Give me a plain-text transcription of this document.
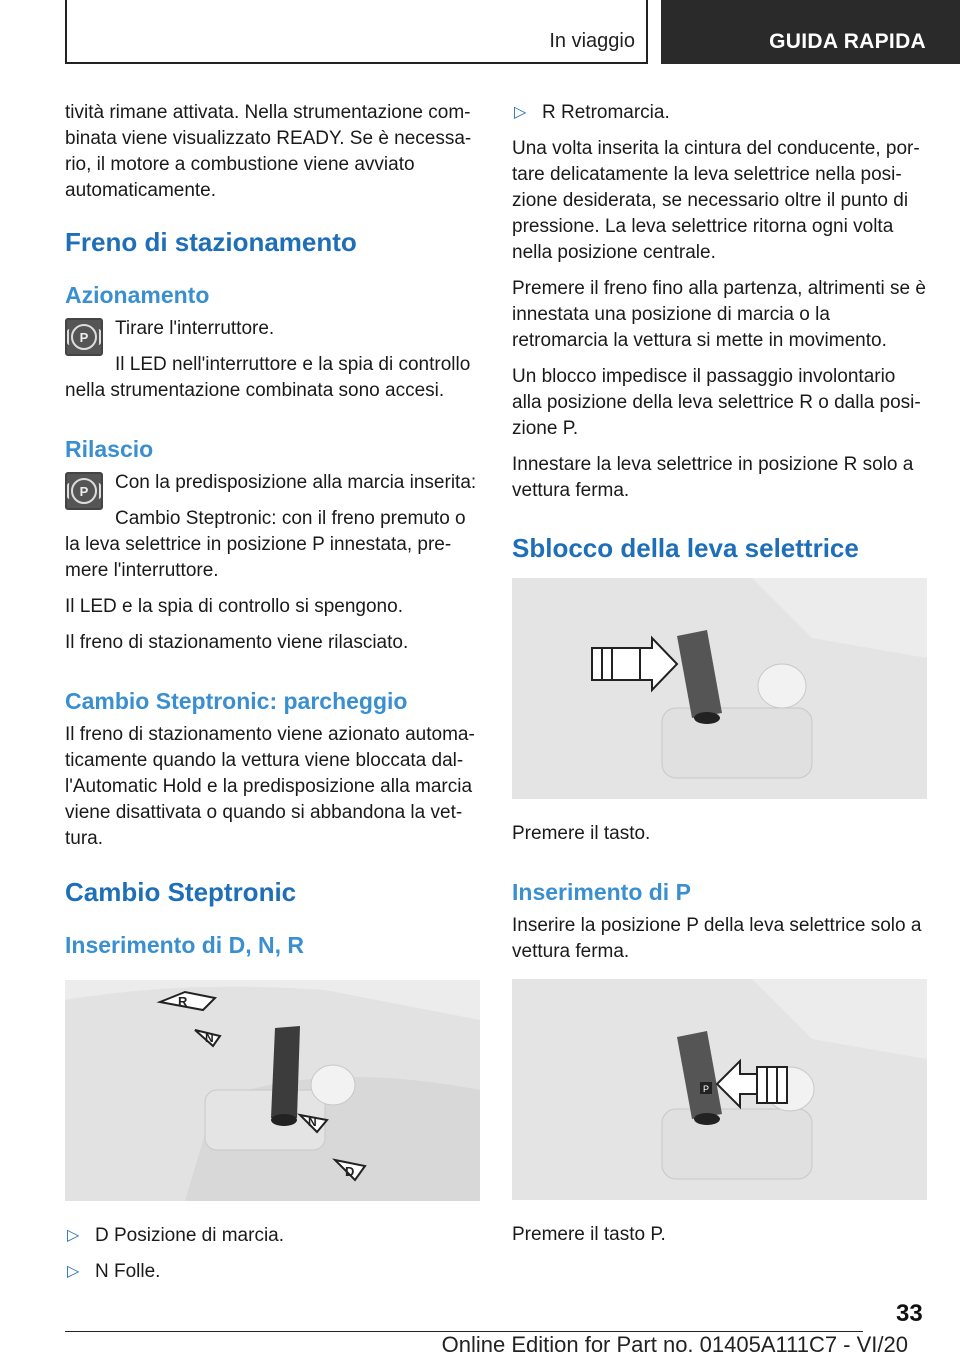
In viaggio	GUIDA RAPIDA

tività rimane attivata. Nella strumentazione com-binata viene visualizzato READY. Se è necessa-rio, il motore a combustione viene avviato automaticamente.

Freno di stazionamento
Azionamento
P	Tirare l'interruttore.

Il LED nell'interruttore e la spia di controllo nella strumentazione combinata sono accesi.

Rilascio
P	Con la predisposizione alla marcia inserita:

Cambio Steptronic: con il freno premuto o la leva selettrice in posizione P innestata, pre-mere l'interruttore.

Il LED e la spia di controllo si spengono.

Il freno di stazionamento viene rilasciato.

Cambio Steptronic: parcheggio

Il freno di stazionamento viene azionato automa-ticamente quando la vettura viene bloccata dal-l'Automatic Hold e la predisposizione alla marcia viene disattivata o quando si abbandona la vet-tura.

Cambio Steptronic
Inserimento di D, N, R
R
N
N
D

▷ D Posizione di marcia.

▷ N Folle.

▷ R Retromarcia.

Una volta inserita la cintura del conducente, por-tare delicatamente la leva selettrice nella posi-zione desiderata, se necessario oltre il punto di pressione. La leva selettrice ritorna ogni volta nella posizione centrale.

Premere il freno fino alla partenza, altrimenti se è innestata una posizione di marcia o la retromarcia la vettura si mette in movimento.

Un blocco impedisce il passaggio involontario alla posizione della leva selettrice R o dalla posi-zione P.

Innestare la leva selettrice in posizione R solo a vettura ferma.

Sblocco della leva selettrice

Premere il tasto.

Inserimento di P

Inserire la posizione P della leva selettrice solo a vettura ferma.

P

Premere il tasto P.

33
Online Edition for Part no. 01405A111C7 - VI/20
